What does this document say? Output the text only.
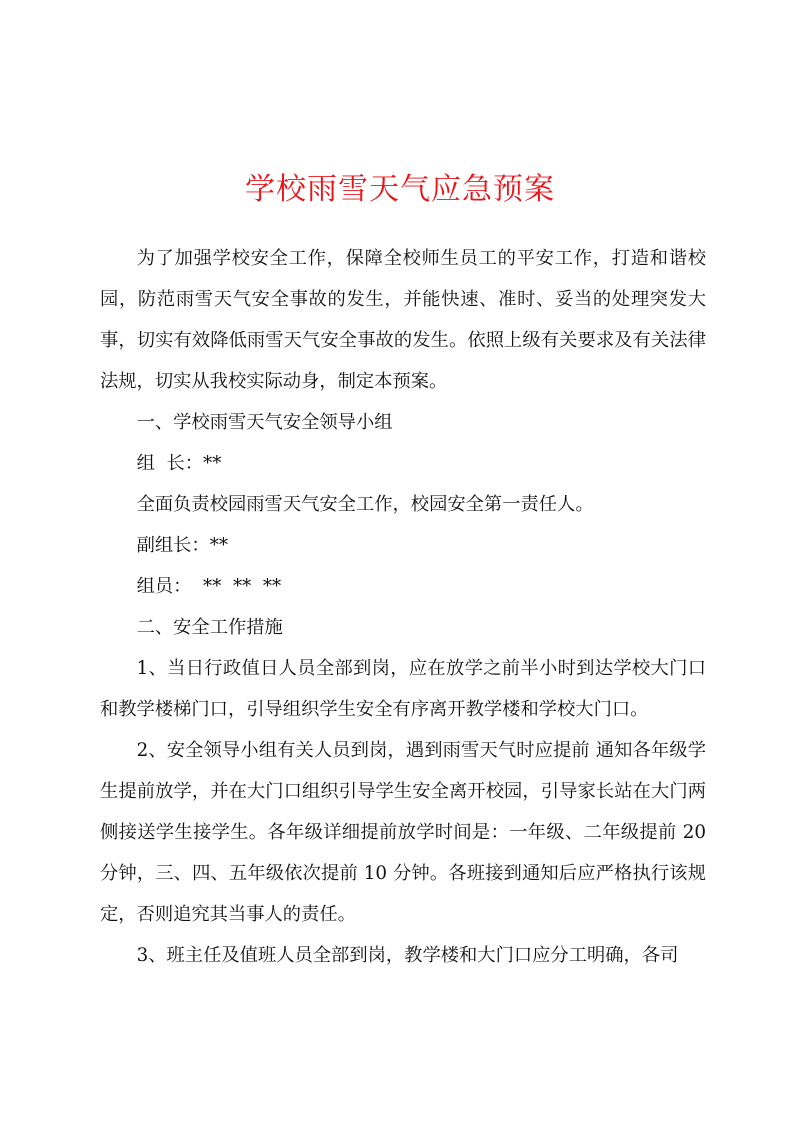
学校雨雪天气应急预案

为了加强学校安全工作，保障全校师生员工的平安工作，打造和谐校园，防范雨雪天气安全事故的发生，并能快速、准时、妥当的处理突发大事，切实有效降低雨雪天气安全事故的发生。依照上级有关要求及有关法律法规，切实从我校实际动身，制定本预案。

一、学校雨雪天气安全领导小组

组  长：**

全面负责校园雨雪天气安全工作，校园安全第一责任人。

副组长：**

组员：  **  **  **

二、安全工作措施

1、当日行政值日人员全部到岗，应在放学之前半小时到达学校大门口和教学楼梯门口，引导组织学生安全有序离开教学楼和学校大门口。

2、安全领导小组有关人员到岗，遇到雨雪天气时应提前 通知各年级学生提前放学，并在大门口组织引导学生安全离开校园，引导家长站在大门两侧接送学生接学生。各年级详细提前放学时间是：一年级、二年级提前 20 分钟，三、四、五年级依次提前 10 分钟。各班接到通知后应严格执行该规定，否则追究其当事人的责任。

3、班主任及值班人员全部到岗，教学楼和大门口应分工明确，各司
